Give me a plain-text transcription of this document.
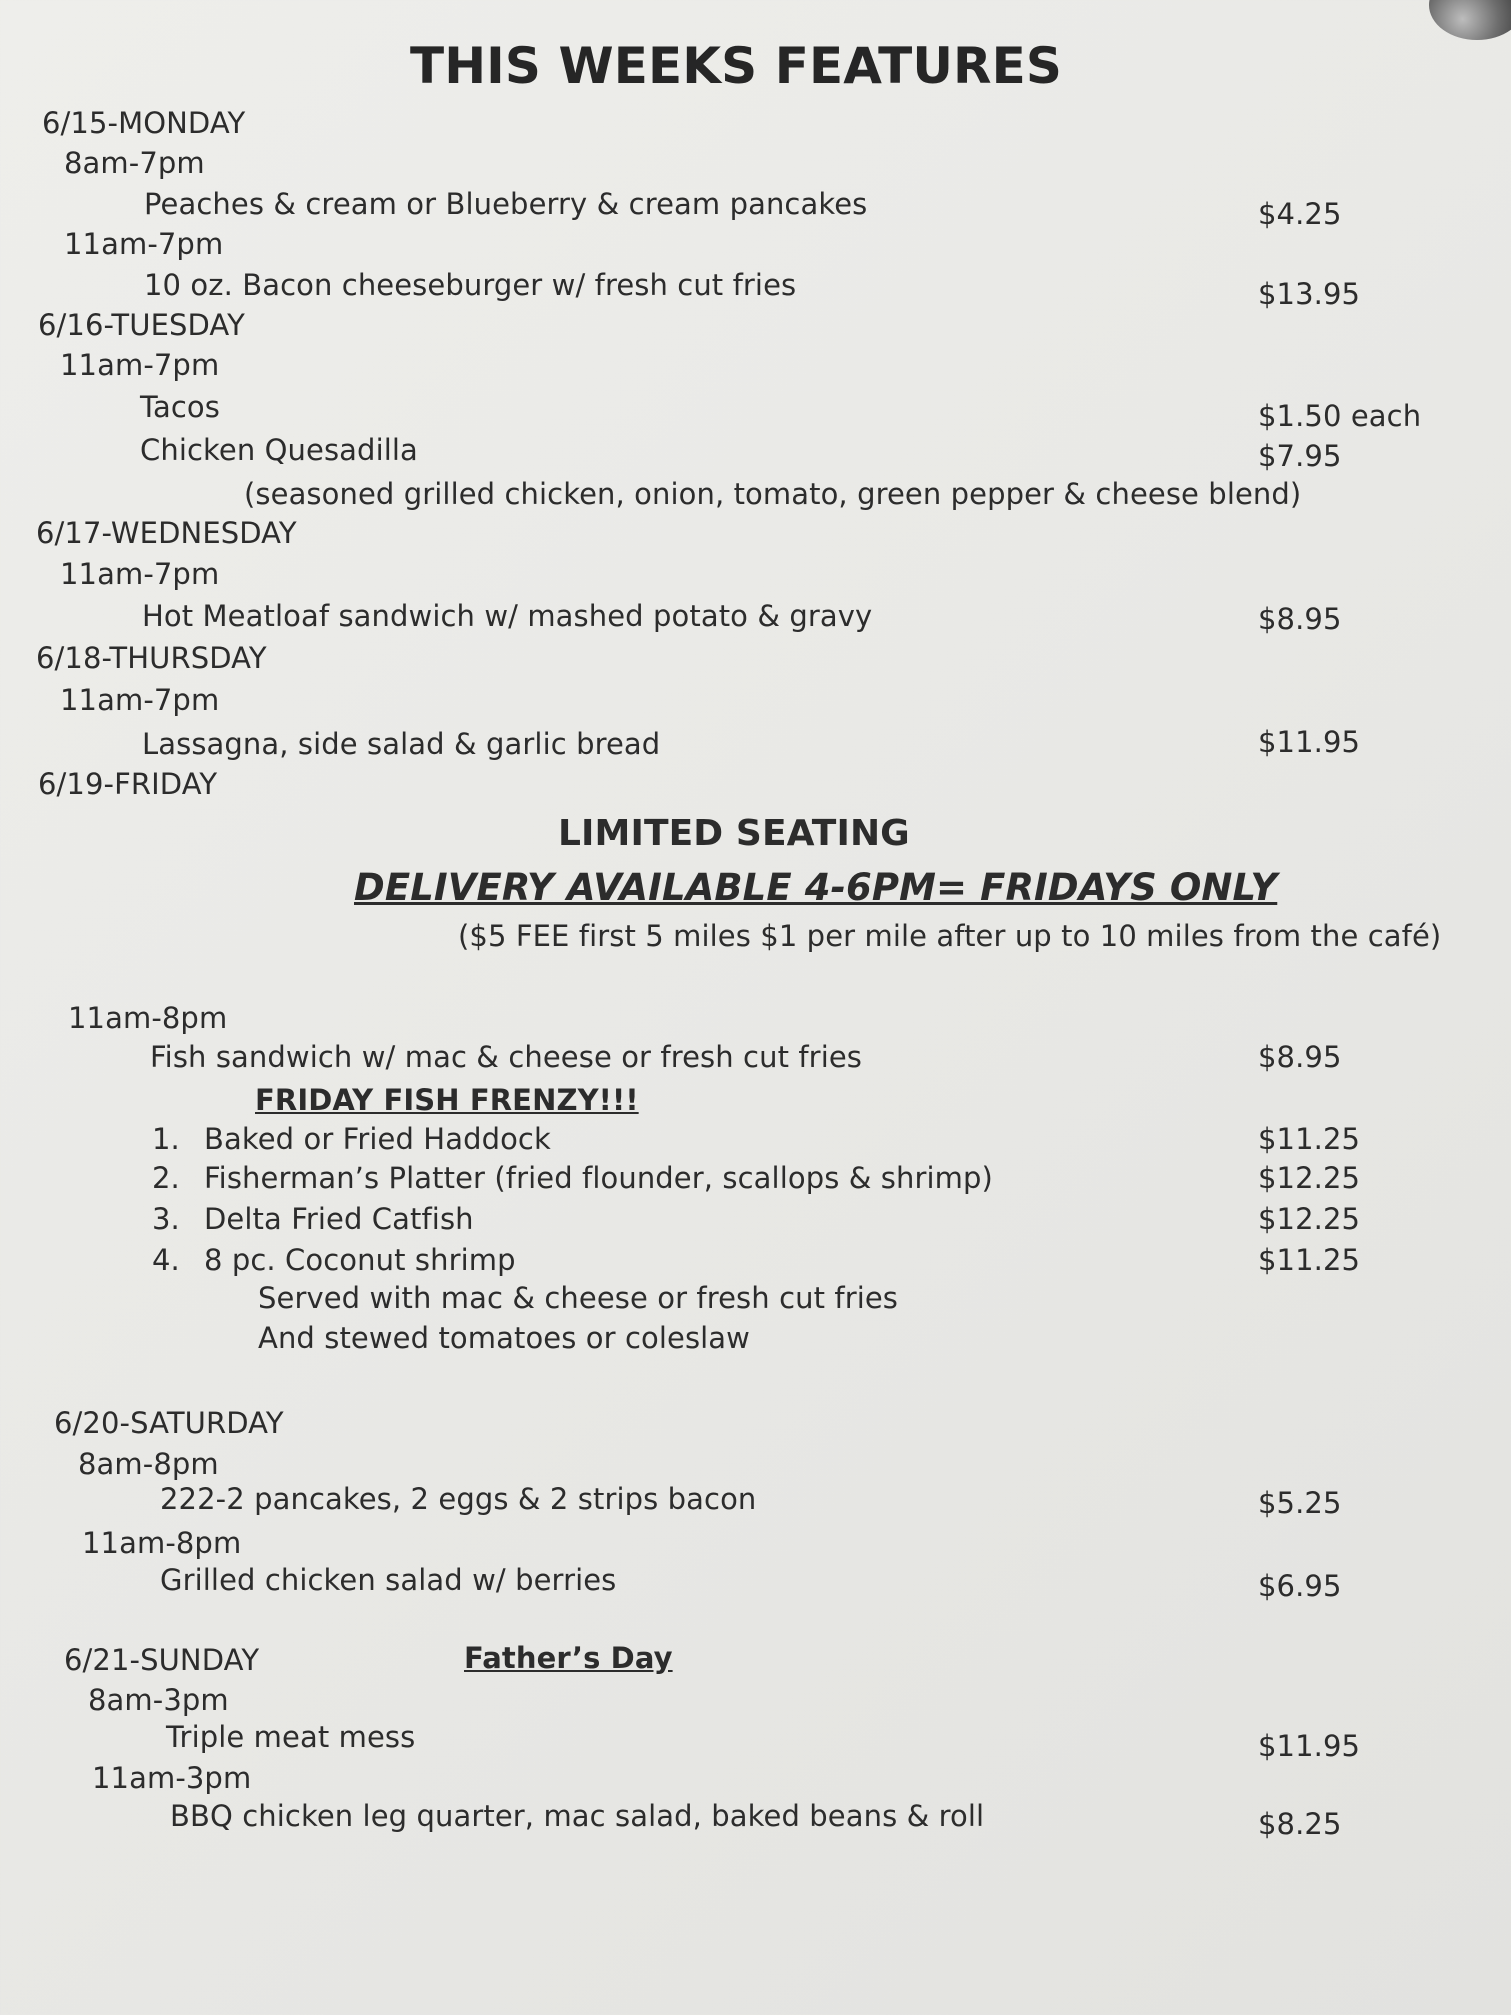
THIS WEEKS FEATURES
6/15-MONDAY
8am-7pm
Peaches & cream or Blueberry & cream pancakes	$4.25
11am-7pm
10 oz. Bacon cheeseburger w/ fresh cut fries	$13.95
6/16-TUESDAY
11am-7pm
Tacos	$1.50 each
Chicken Quesadilla	$7.95
(seasoned grilled chicken, onion, tomato, green pepper & cheese blend)
6/17-WEDNESDAY
11am-7pm
Hot Meatloaf sandwich w/ mashed potato & gravy	$8.95
6/18-THURSDAY
11am-7pm
Lassagna, side salad & garlic bread	$11.95
6/19-FRIDAY
LIMITED SEATING
DELIVERY AVAILABLE 4-6PM= FRIDAYS ONLY
($5 FEE first 5 miles $1 per mile after up to 10 miles from the café)
11am-8pm
Fish sandwich w/ mac & cheese or fresh cut fries	$8.95
FRIDAY FISH FRENZY!!!
1. Baked or Fried Haddock	$11.25
2. Fisherman’s Platter (fried flounder, scallops & shrimp)	$12.25
3. Delta Fried Catfish	$12.25
4. 8 pc. Coconut shrimp	$11.25
Served with mac & cheese or fresh cut fries
And stewed tomatoes or coleslaw
6/20-SATURDAY
8am-8pm
222-2 pancakes, 2 eggs & 2 strips bacon	$5.25
11am-8pm
Grilled chicken salad w/ berries	$6.95
6/21-SUNDAY	Father’s Day
8am-3pm
Triple meat mess	$11.95
11am-3pm
BBQ chicken leg quarter, mac salad, baked beans & roll	$8.25
